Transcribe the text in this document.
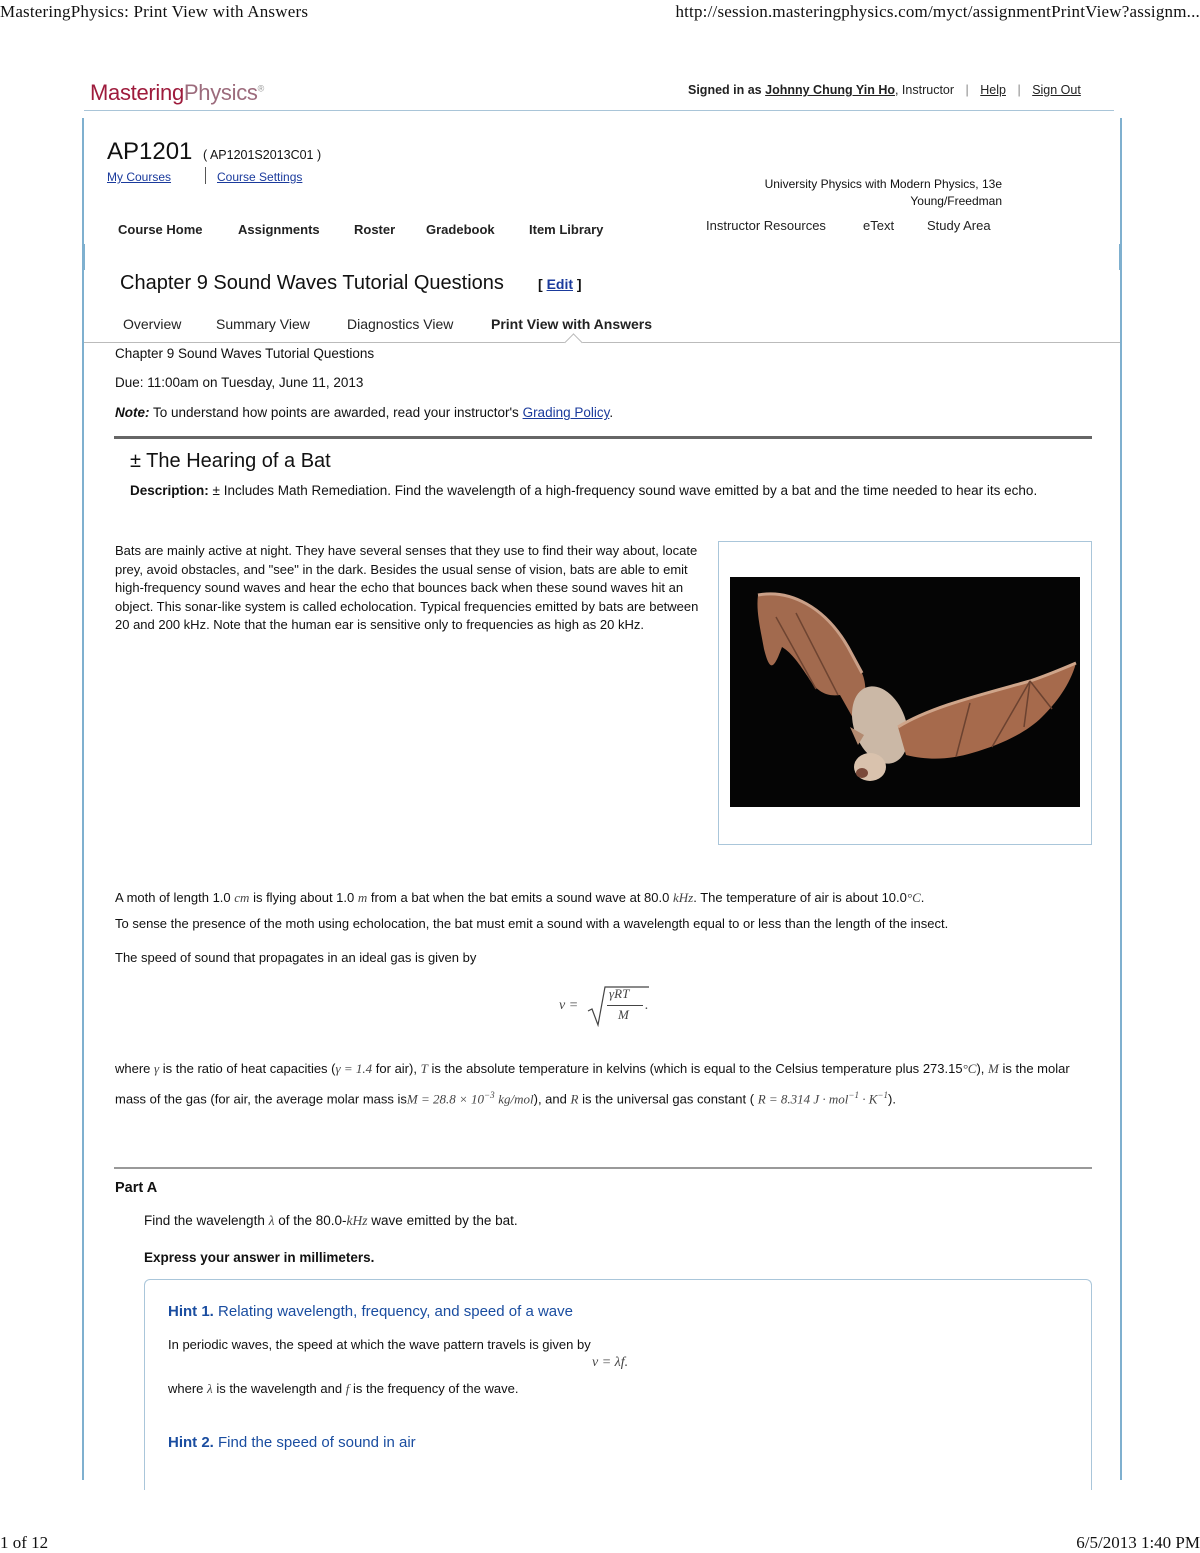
MasteringPhysics: Print View with Answers	http://session.masteringphysics.com/myct/assignmentPrintView?assignm...
MasteringPhysics®	Signed in as Johnny Chung Yin Ho, Instructor | Help | Sign Out
AP1201 ( AP1201S2013C01 )
My Courses	Course Settings	University Physics with Modern Physics, 13e
Young/Freedman
Course Home	Assignments	Roster Gradebook	Item Library	Instructor Resources	eText	Study Area
Chapter 9 Sound Waves Tutorial Questions [ Edit ]
Overview Summary View	Diagnostics View	Print View with Answers
Chapter 9 Sound Waves Tutorial Questions
Due: 11:00am on Tuesday, June 11, 2013
Note: To understand how points are awarded, read your instructor's Grading Policy.
± The Hearing of a Bat
Description: ± Includes Math Remediation. Find the wavelength of a high-frequency sound wave emitted by a bat and the time needed to hear its echo.
Bats are mainly active at night. They have several senses that they use to find their way about, locate prey, avoid obstacles, and "see" in the dark. Besides the usual sense of vision, bats are able to emit high-frequency sound waves and hear the echo that bounces back when these sound waves hit an object. This sonar-like system is called echolocation. Typical frequencies emitted by bats are between 20 and 200 kHz. Note that the human ear is sensitive only to frequencies as high as 20 kHz.
A moth of length 1.0 cm is flying about 1.0 m from a bat when the bat emits a sound wave at 80.0 kHz. The temperature of air is about 10.0°C.
To sense the presence of the moth using echolocation, the bat must emit a sound with a wavelength equal to or less than the length of the insect.
The speed of sound that propagates in an ideal gas is given by
v =
γRT
M
.
where γ is the ratio of heat capacities (γ = 1.4 for air), T is the absolute temperature in kelvins (which is equal to the Celsius temperature plus 273.15°C), M is the molar mass of the gas (for air, the average molar mass isM = $28.8 \times 10^{-3}$ kg/mol), and R is the universal gas constant ( R = 8.314 $J \cdot mol^{-1} \cdot K^{-1}$).
Part A
Find the wavelength λ of the 80.0-kHz wave emitted by the bat.
Express your answer in millimeters.
Hint 1. Relating wavelength, frequency, and speed of a wave
In periodic waves, the speed at which the wave pattern travels is given by
v = λf.
where λ is the wavelength and f is the frequency of the wave.
Hint 2. Find the speed of sound in air
1 of 12	6/5/2013 1:40 PM
